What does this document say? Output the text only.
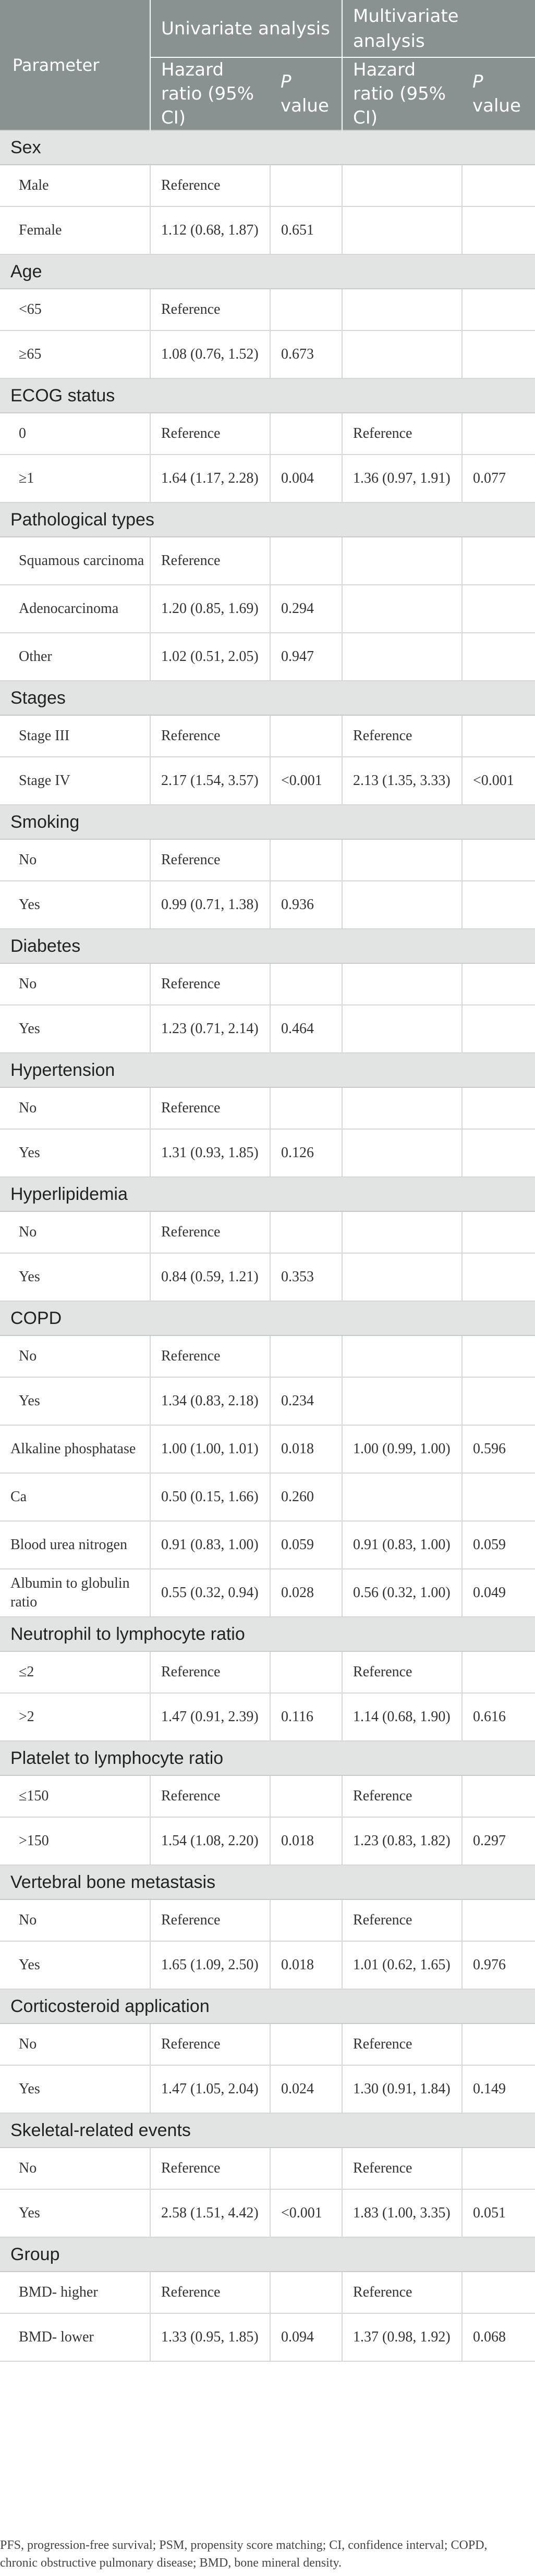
Parameter	Univariate analysis		Multivariate analysis	
	Hazard ratio (95% CI)	P value	Hazard ratio (95% CI)	P value
Sex				
Male	Reference			
Female	1.12 (0.68, 1.87)	0.651		
Age				
<65	Reference			
≥65	1.08 (0.76, 1.52)	0.673		
ECOG status				
0	Reference		Reference	
≥1	1.64 (1.17, 2.28)	0.004	1.36 (0.97, 1.91)	0.077
Pathological types				
Squamous carcinoma	Reference			
Adenocarcinoma	1.20 (0.85, 1.69)	0.294		
Other	1.02 (0.51, 2.05)	0.947		
Stages				
Stage III	Reference		Reference	
Stage IV	2.17 (1.54, 3.57)	<0.001	2.13 (1.35, 3.33)	<0.001
Smoking				
No	Reference			
Yes	0.99 (0.71, 1.38)	0.936		
Diabetes				
No	Reference			
Yes	1.23 (0.71, 2.14)	0.464		
Hypertension				
No	Reference			
Yes	1.31 (0.93, 1.85)	0.126		
Hyperlipidemia				
No	Reference			
Yes	0.84 (0.59, 1.21)	0.353		
COPD				
No	Reference			
Yes	1.34 (0.83, 2.18)	0.234		
Alkaline phosphatase	1.00 (1.00, 1.01)	0.018	1.00 (0.99, 1.00)	0.596
Ca	0.50 (0.15, 1.66)	0.260		
Blood urea nitrogen	0.91 (0.83, 1.00)	0.059	0.91 (0.83, 1.00)	0.059
Albumin to globulin ratio	0.55 (0.32, 0.94)	0.028	0.56 (0.32, 1.00)	0.049
Neutrophil to lymphocyte ratio				
≤2	Reference		Reference	
>2	1.47 (0.91, 2.39)	0.116	1.14 (0.68, 1.90)	0.616
Platelet to lymphocyte ratio				
≤150	Reference		Reference	
>150	1.54 (1.08, 2.20)	0.018	1.23 (0.83, 1.82)	0.297
Vertebral bone metastasis				
No	Reference		Reference	
Yes	1.65 (1.09, 2.50)	0.018	1.01 (0.62, 1.65)	0.976
Corticosteroid application				
No	Reference		Reference	
Yes	1.47 (1.05, 2.04)	0.024	1.30 (0.91, 1.84)	0.149
Skeletal-related events				
No	Reference		Reference	
Yes	2.58 (1.51, 4.42)	<0.001	1.83 (1.00, 3.35)	0.051
Group				
BMD- higher	Reference		Reference	
BMD- lower	1.33 (0.95, 1.85)	0.094	1.37 (0.98, 1.92)	0.068
PFS, progression-free survival; PSM, propensity score matching; CI, confidence interval; COPD, chronic obstructive pulmonary disease; BMD, bone mineral density.
